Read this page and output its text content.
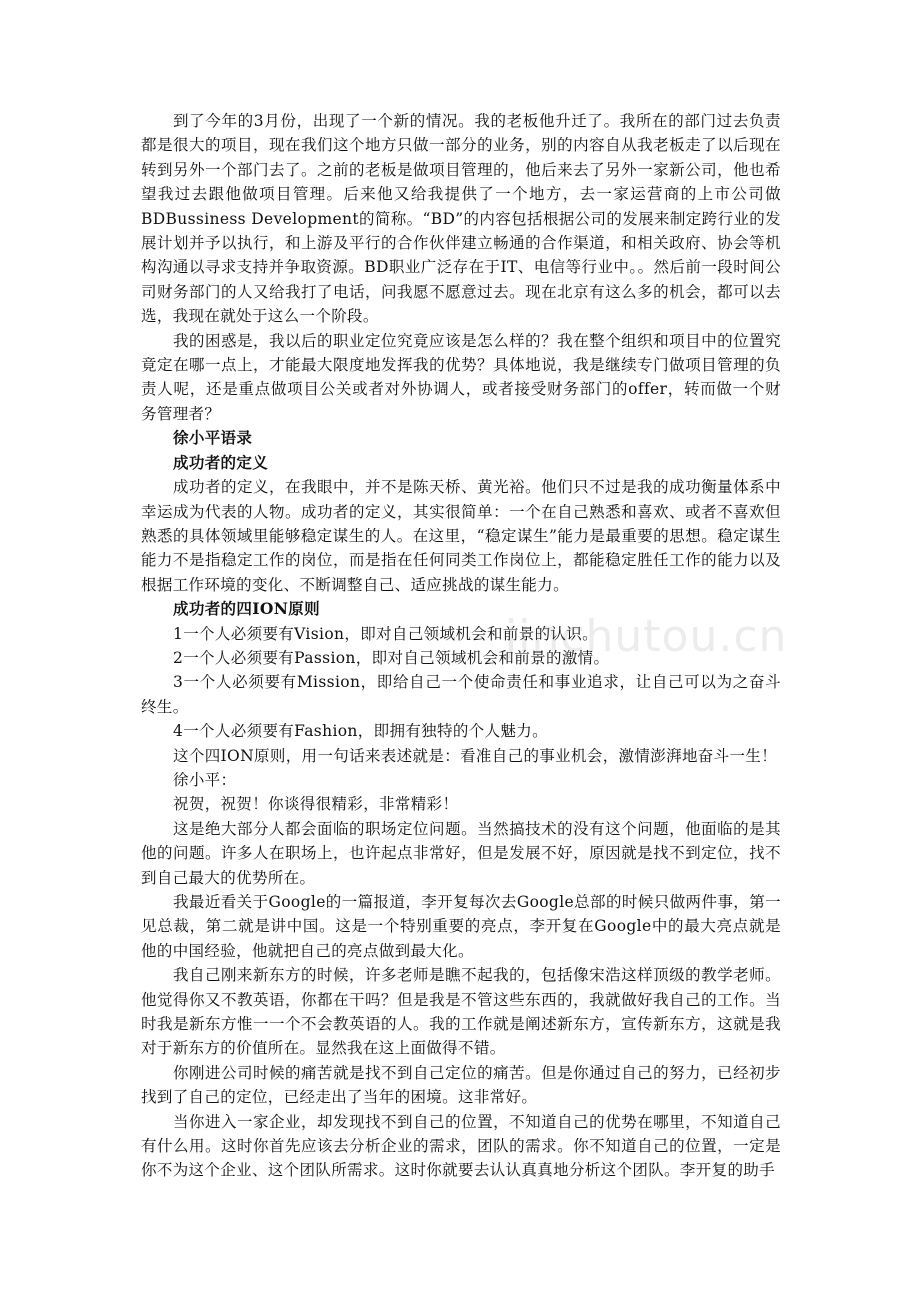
到了今年的3月份，出现了一个新的情况。我的老板他升迁了。我所在的部门过去负责都是很大的项目，现在我们这个地方只做一部分的业务，别的内容自从我老板走了以后现在转到另外一个部门去了。之前的老板是做项目管理的，他后来去了另外一家新公司，他也希望我过去跟他做项目管理。后来他又给我提供了一个地方，去一家运营商的上市公司做BDBussiness Development的简称。“BD”的内容包括根据公司的发展来制定跨行业的发展计划并予以执行，和上游及平行的合作伙伴建立畅通的合作渠道，和相关政府、协会等机构沟通以寻求支持并争取资源。BD职业广泛存在于IT、电信等行业中。。然后前一段时间公司财务部门的人又给我打了电话，问我愿不愿意过去。现在北京有这么多的机会，都可以去选，我现在就处于这么一个阶段。

我的困惑是，我以后的职业定位究竟应该是怎么样的？我在整个组织和项目中的位置究竟定在哪一点上，才能最大限度地发挥我的优势？具体地说，我是继续专门做项目管理的负责人呢，还是重点做项目公关或者对外协调人，或者接受财务部门的offer，转而做一个财务管理者？

徐小平语录

成功者的定义

成功者的定义，在我眼中，并不是陈天桥、黄光裕。他们只不过是我的成功衡量体系中幸运成为代表的人物。成功者的定义，其实很简单：一个在自己熟悉和喜欢、或者不喜欢但熟悉的具体领域里能够稳定谋生的人。在这里，“稳定谋生”能力是最重要的思想。稳定谋生能力不是指稳定工作的岗位，而是指在任何同类工作岗位上，都能稳定胜任工作的能力以及根据工作环境的变化、不断调整自己、适应挑战的谋生能力。

成功者的四ION原则

1一个人必须要有Vision，即对自己领域机会和前景的认识。

2一个人必须要有Passion，即对自己领域机会和前景的激情。

3一个人必须要有Mission，即给自己一个使命责任和事业追求，让自己可以为之奋斗终生。

4一个人必须要有Fashion，即拥有独特的个人魅力。

这个四ION原则，用一句话来表述就是：看准自己的事业机会，激情澎湃地奋斗一生！

徐小平：

祝贺，祝贺！你谈得很精彩，非常精彩！

这是绝大部分人都会面临的职场定位问题。当然搞技术的没有这个问题，他面临的是其他的问题。许多人在职场上，也许起点非常好，但是发展不好，原因就是找不到定位，找不到自己最大的优势所在。

我最近看关于Google的一篇报道，李开复每次去Google总部的时候只做两件事，第一见总裁，第二就是讲中国。这是一个特别重要的亮点，李开复在Google中的最大亮点就是他的中国经验，他就把自己的亮点做到最大化。

我自己刚来新东方的时候，许多老师是瞧不起我的，包括像宋浩这样顶级的教学老师。他觉得你又不教英语，你都在干吗？但是我是不管这些东西的，我就做好我自己的工作。当时我是新东方惟一一个不会教英语的人。我的工作就是阐述新东方，宣传新东方，这就是我对于新东方的价值所在。显然我在这上面做得不错。

你刚进公司时候的痛苦就是找不到自己定位的痛苦。但是你通过自己的努力，已经初步找到了自己的定位，已经走出了当年的困境。这非常好。

当你进入一家企业，却发现找不到自己的位置，不知道自己的优势在哪里，不知道自己有什么用。这时你首先应该去分析企业的需求，团队的需求。你不知道自己的位置，一定是你不为这个企业、这个团队所需求。这时你就要去认认真真地分析这个团队。李开复的助手

jinchutou.cn
